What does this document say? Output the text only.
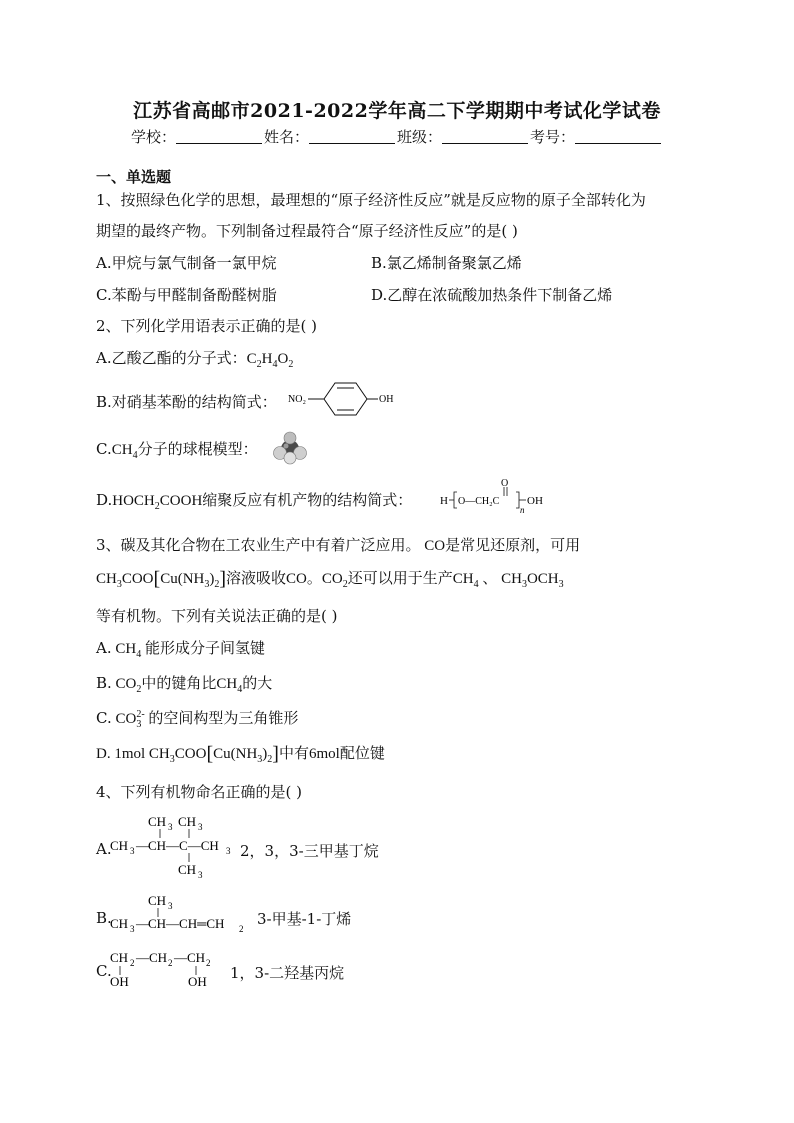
江苏省高邮市2021-2022学年高二下学期期中考试化学试卷
学校：	姓名：	班级：	考号：
一、单选题
1、按照绿色化学的思想，最理想的“原子经济性反应”就是反应物的原子全部转化为
期望的最终产物。下列制备过程最符合“原子经济性反应”的是( )
A.甲烷与氯气制备一氯甲烷	B.氯乙烯制备聚氯乙烯
C.苯酚与甲醛制备酚醛树脂	D.乙醇在浓硫酸加热条件下制备乙烯
2、下列化学用语表示正确的是( )
A.乙酸乙酯的分子式：$C_2H_4O_2$
B.对硝基苯酚的结构简式： NO₂	OH
$C.CH_4$分子的球棍模型：
$D.HOCH_2COOH$缩聚反应有机产物的结构简式：	H O—CH₂C
O
n
OH
3、碳及其化合物在工农业生产中有着广泛应用。 CO是常见还原剂，可用
$CH_3COO[Cu(NH_3)_2]$溶液吸收CO。$CO_2$还可以用于生产$CH_4$ 、 $CH_3OCH_3$
等有机物。下列有关说法正确的是( )
A. $CH_4$ 能形成分子间氢键
B. $CO_2$中的键角比$CH_4$的大
C. $CO_3^{2-}$ 的空间构型为三角锥形
D. 1mol $CH_3COO[Cu(NH_3)_2]$中有6mol配位键
4、下列有机物命名正确的是( )
A.
CH 3 CH 3
CH 3 — CH—C—CH 3
CH 3
2，3，3-三甲基丁烷
B.
CH 3
CH 3 — CH—CH═CH 2
3-甲基-1-丁烯
C.
CH 2 —CH 2 —CH 2
OH	OH 1，3-二羟基丙烷
